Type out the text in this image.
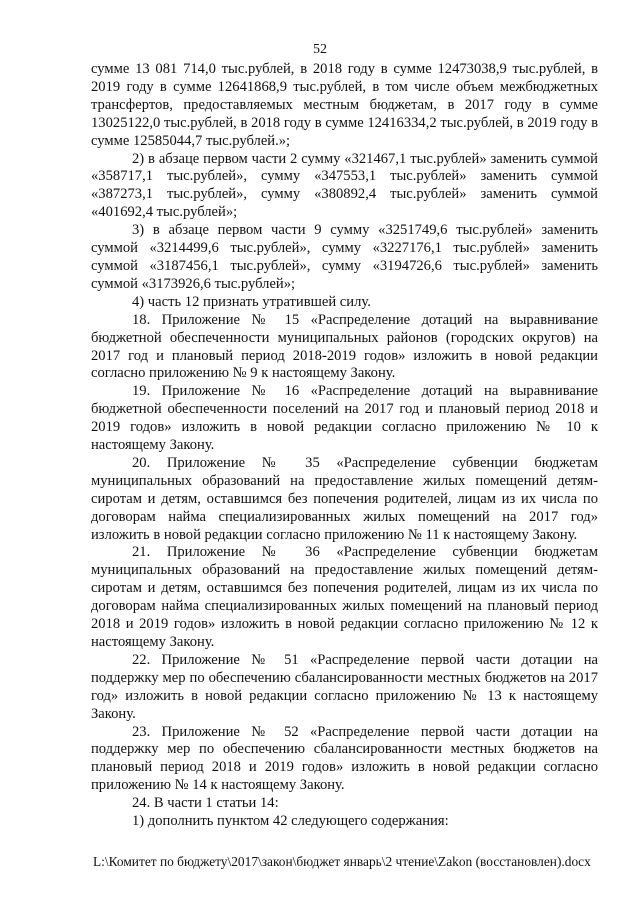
52

сумме 13 081 714,0 тыс.рублей, в 2018 году в сумме 12473038,9 тыс.рублей, в 2019 году в сумме 12641868,9 тыс.рублей, в том числе объем межбюджетных трансфертов, предоставляемых местным бюджетам, в 2017 году в сумме 13025122,0 тыс.рублей, в 2018 году в сумме 12416334,2 тыс.рублей, в 2019 году в сумме 12585044,7 тыс.рублей.»;

2) в абзаце первом части 2 сумму «321467,1 тыс.рублей» заменить суммой «358717,1 тыс.рублей», сумму «347553,1 тыс.рублей» заменить суммой «387273,1 тыс.рублей», сумму «380892,4 тыс.рублей» заменить суммой «401692,4 тыс.рублей»;

3) в абзаце первом части 9 сумму «3251749,6 тыс.рублей» заменить суммой «3214499,6 тыс.рублей», сумму «3227176,1 тыс.рублей» заменить суммой «3187456,1 тыс.рублей», сумму «3194726,6 тыс.рублей» заменить суммой «3173926,6 тыс.рублей»;

4) часть 12 признать утратившей силу.

18. Приложение № 15 «Распределение дотаций на выравнивание бюджетной обеспеченности муниципальных районов (городских округов) на 2017 год и плановый период 2018-2019 годов» изложить в новой редакции согласно приложению № 9 к настоящему Закону.

19. Приложение № 16 «Распределение дотаций на выравнивание бюджетной обеспеченности поселений на 2017 год и плановый период 2018 и 2019 годов» изложить в новой редакции согласно приложению № 10 к настоящему Закону.

20. Приложение № 35 «Распределение субвенции бюджетам муниципальных образований на предоставление жилых помещений детям-сиротам и детям, оставшимся без попечения родителей, лицам из их числа по договорам найма специализированных жилых помещений на 2017 год» изложить в новой редакции согласно приложению № 11 к настоящему Закону.

21. Приложение № 36 «Распределение субвенции бюджетам муниципальных образований на предоставление жилых помещений детям-сиротам и детям, оставшимся без попечения родителей, лицам из их числа по договорам найма специализированных жилых помещений на плановый период 2018 и 2019 годов» изложить в новой редакции согласно приложению № 12 к настоящему Закону.

22. Приложение № 51 «Распределение первой части дотации на поддержку мер по обеспечению сбалансированности местных бюджетов на 2017 год» изложить в новой редакции согласно приложению № 13 к настоящему Закону.

23. Приложение № 52 «Распределение первой части дотации на поддержку мер по обеспечению сбалансированности местных бюджетов на плановый период 2018 и 2019 годов» изложить в новой редакции согласно приложению № 14 к настоящему Закону.

24. В части 1 статьи 14:

1) дополнить пунктом 42 следующего содержания:

L:\Комитет по бюджету\2017\закон\бюджет январь\2 чтение\Zakon (восстановлен).docx
